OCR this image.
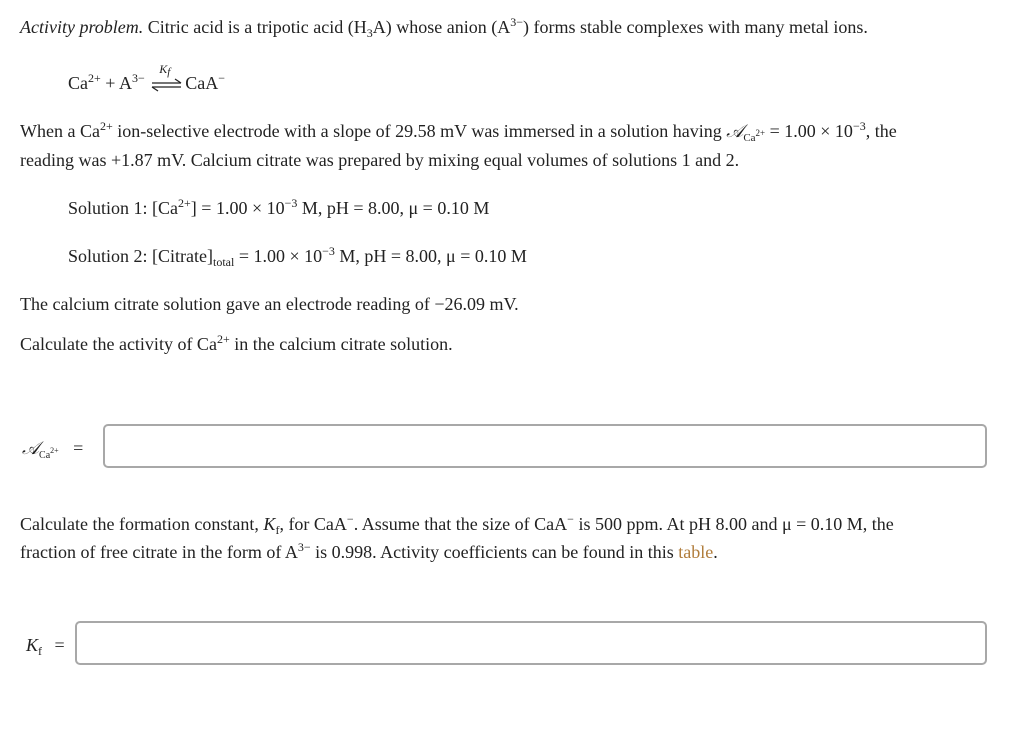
Activity problem. Citric acid is a tripotic acid $(H_3A)$ whose anion $(A^{3-})$ forms stable complexes with many metal ions.
$Ca^{2+} + A^{3-}$
Kf
CaA−
When a $Ca^{2+}$ ion-selective electrode with a slope of 29.58 mV was immersed in a solution having 𝒜$_{Ca}$2+ = $1.00 \times 10^{-3}$, the
reading was +1.87 mV. Calcium citrate was prepared by mixing equal volumes of solutions 1 and 2.
Solution 1: $[Ca^{2+}] = 1.00 \times 10^{-3}$ M, pH = 8.00, μ = 0.10 M
Solution 2: $[Citrate]_{total} = 1.00 \times 10^{-3}$ M, pH = 8.00, μ = 0.10 M
The calcium citrate solution gave an electrode reading of −26.09 mV.
Calculate the activity of $Ca^{2+}$ in the calcium citrate solution.
𝒜$_{Ca}$2+ =
Calculate the formation constant, $K_f$, for CaA−. Assume that the size of CaA− is 500 ppm. At pH 8.00 and μ = 0.10 M, the
fraction of free citrate in the form of $A^{3-}$ is 0.998. Activity coefficients can be found in this table.
$K_f$ =
